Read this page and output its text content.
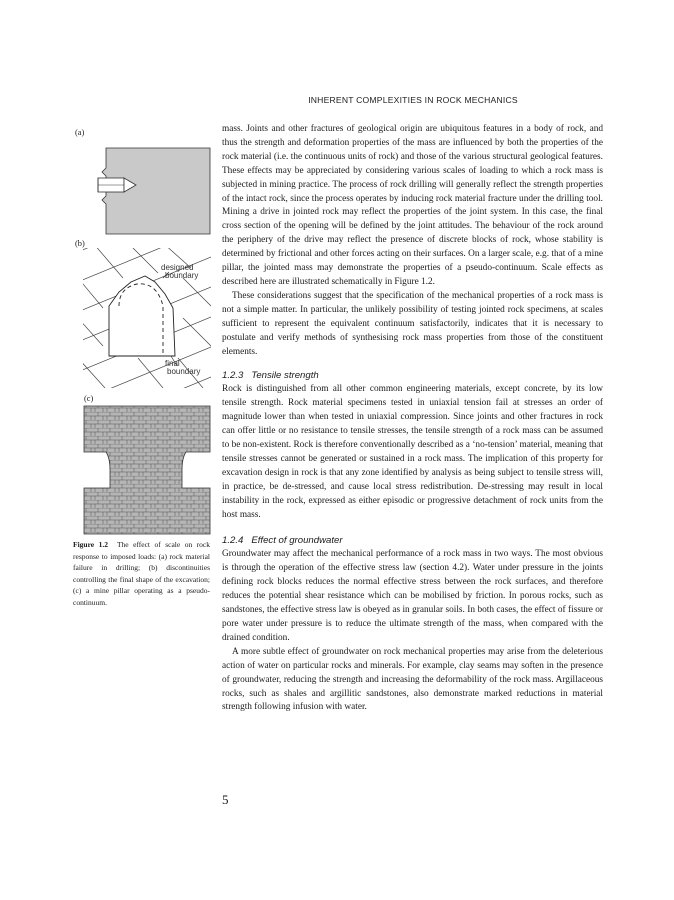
INHERENT COMPLEXITIES IN ROCK MECHANICS
(a)
(b)
designed boundary
final boundary
(c)
Figure 1.2 The effect of scale on rock response to imposed loads: (a) rock material failure in drilling; (b) discontinuities controlling the final shape of the excavation; (c) a mine pillar operating as a pseudo-continuum.

mass. Joints and other fractures of geological origin are ubiquitous features in a body of rock, and thus the strength and deformation properties of the mass are influenced by both the properties of the rock material (i.e. the continuous units of rock) and those of the various structural geological features. These effects may be appreciated by considering various scales of loading to which a rock mass is subjected in mining practice. The process of rock drilling will generally reflect the strength properties of the intact rock, since the process operates by inducing rock material fracture under the drilling tool. Mining a drive in jointed rock may reflect the properties of the joint system. In this case, the final cross section of the opening will be defined by the joint attitudes. The behaviour of the rock around the periphery of the drive may reflect the presence of discrete blocks of rock, whose stability is determined by frictional and other forces acting on their surfaces. On a larger scale, e.g. that of a mine pillar, the jointed mass may demonstrate the properties of a pseudo-continuum. Scale effects as described here are illustrated schematically in Figure 1.2.

These considerations suggest that the specification of the mechanical properties of a rock mass is not a simple matter. In particular, the unlikely possibility of testing jointed rock specimens, at scales sufficient to represent the equivalent continuum satisfactorily, indicates that it is necessary to postulate and verify methods of synthesising rock mass properties from those of the constituent elements.

1.2.3 Tensile strength

Rock is distinguished from all other common engineering materials, except concrete, by its low tensile strength. Rock material specimens tested in uniaxial tension fail at stresses an order of magnitude lower than when tested in uniaxial compression. Since joints and other fractures in rock can offer little or no resistance to tensile stresses, the tensile strength of a rock mass can be assumed to be non-existent. Rock is therefore conventionally described as a ‘no-tension’ material, meaning that tensile stresses cannot be generated or sustained in a rock mass. The implication of this property for excavation design in rock is that any zone identified by analysis as being subject to tensile stress will, in practice, be de-stressed, and cause local stress redistribution. De-stressing may result in local instability in the rock, expressed as either episodic or progressive detachment of rock units from the host mass.

1.2.4 Effect of groundwater

Groundwater may affect the mechanical performance of a rock mass in two ways. The most obvious is through the operation of the effective stress law (section 4.2). Water under pressure in the joints defining rock blocks reduces the normal effective stress between the rock surfaces, and therefore reduces the potential shear resistance which can be mobilised by friction. In porous rocks, such as sandstones, the effective stress law is obeyed as in granular soils. In both cases, the effect of fissure or pore water under pressure is to reduce the ultimate strength of the mass, when compared with the drained condition.

A more subtle effect of groundwater on rock mechanical properties may arise from the deleterious action of water on particular rocks and minerals. For example, clay seams may soften in the presence of groundwater, reducing the strength and increasing the deformability of the rock mass. Argillaceous rocks, such as shales and argillitic sandstones, also demonstrate marked reductions in material strength following infusion with water.

5
